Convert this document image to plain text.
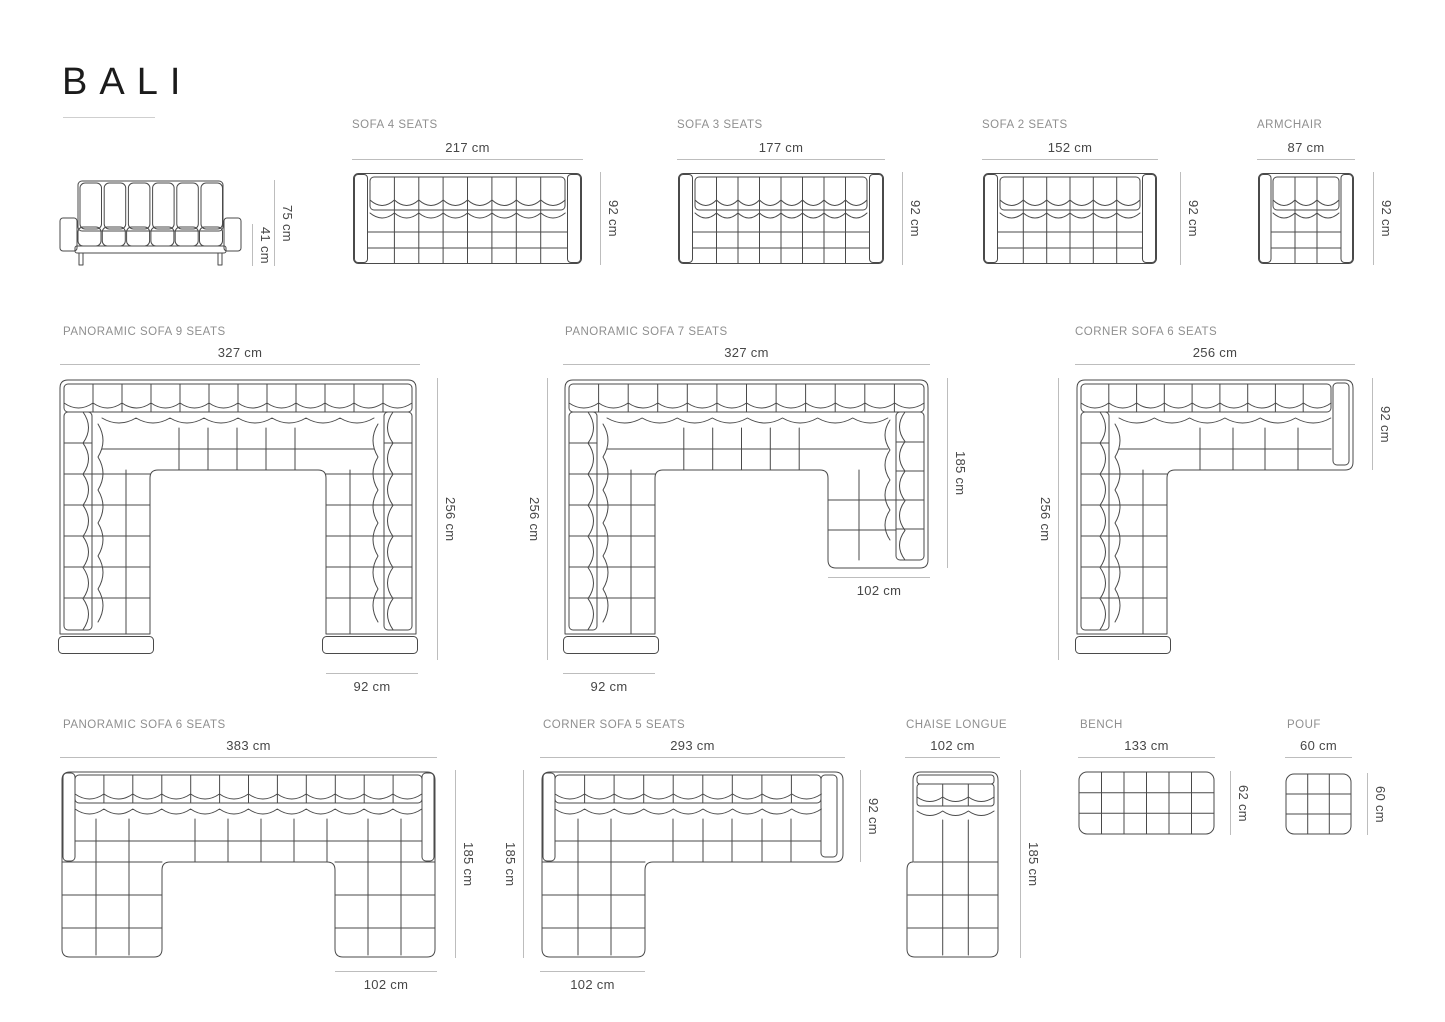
BALI
41 cm
75 cm
SOFA 4 SEATS
217 cm
92 cm
SOFA 3 SEATS
177 cm
92 cm
SOFA 2 SEATS
152 cm
92 cm
ARMCHAIR
87 cm
92 cm
PANORAMIC SOFA 9 SEATS
327 cm
256 cm
92 cm
PANORAMIC SOFA 7 SEATS
327 cm
256 cm
185 cm
102 cm
92 cm
CORNER SOFA 6 SEATS
256 cm
256 cm
92 cm
PANORAMIC SOFA 6 SEATS
383 cm
185 cm
102 cm
CORNER SOFA 5 SEATS
293 cm
185 cm
92 cm
102 cm
CHAISE LONGUE
102 cm
185 cm
BENCH
133 cm
62 cm
POUF
60 cm
60 cm
